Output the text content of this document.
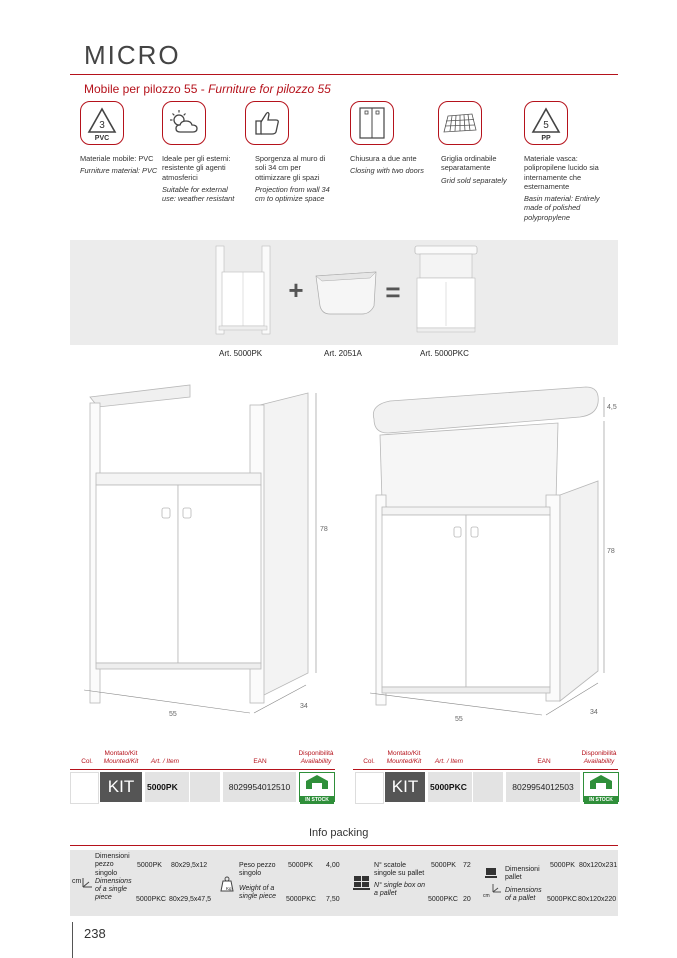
MICRO
Mobile per pilozzo 55 - Furniture for pilozzo 55
3
PVC
5
PP
Materiale mobile: PVC
Furniture material: PVC
Ideale per gli esterni: resistente gli agenti atmosferici
Suitable for external use: weather resistant
Sporgenza al muro di soli 34 cm per ottimizzare gli spazi
Projection from wall 34 cm to optimize space
Chiusura a due ante
Closing with two doors
Griglia ordinabile separatamente
Grid sold separately
Materiale vasca: polipropilene lucido sia internamente che esternamente
Basin material: Entirely made of polished polypropylene
+	=
Art. 5000PK	Art. 2051A	Art. 5000PKC
78
55
34
4,5
78
55
34
Col.
Montato/Kit
Mounted/Kit	Art. / Item	EAN
Disponibilità
Availability
KIT	5000PK	8029954012510
IN STOCK
Col.
Montato/Kit
Mounted/Kit	Art. / Item	EAN
Disponibilità
Availability
KIT	5000PKC	8029954012503
IN STOCK
Info packing
cm
Dimensioni pezzo singolo
Dimensions of a single piece
5000PK 80x29,5x12
5000PKC 80x29,5x47,5
Kg
Peso pezzo singolo
Weight of a single piece
5000PK 4,00
5000PKC 7,50
N° scatole singole su pallet
N° single box on a pallet
5000PK 72
5000PKC 20 cm
Dimensioni pallet
Dimensions of a pallet
5000PK 80x120x231
5000PKC 80x120x220
238
